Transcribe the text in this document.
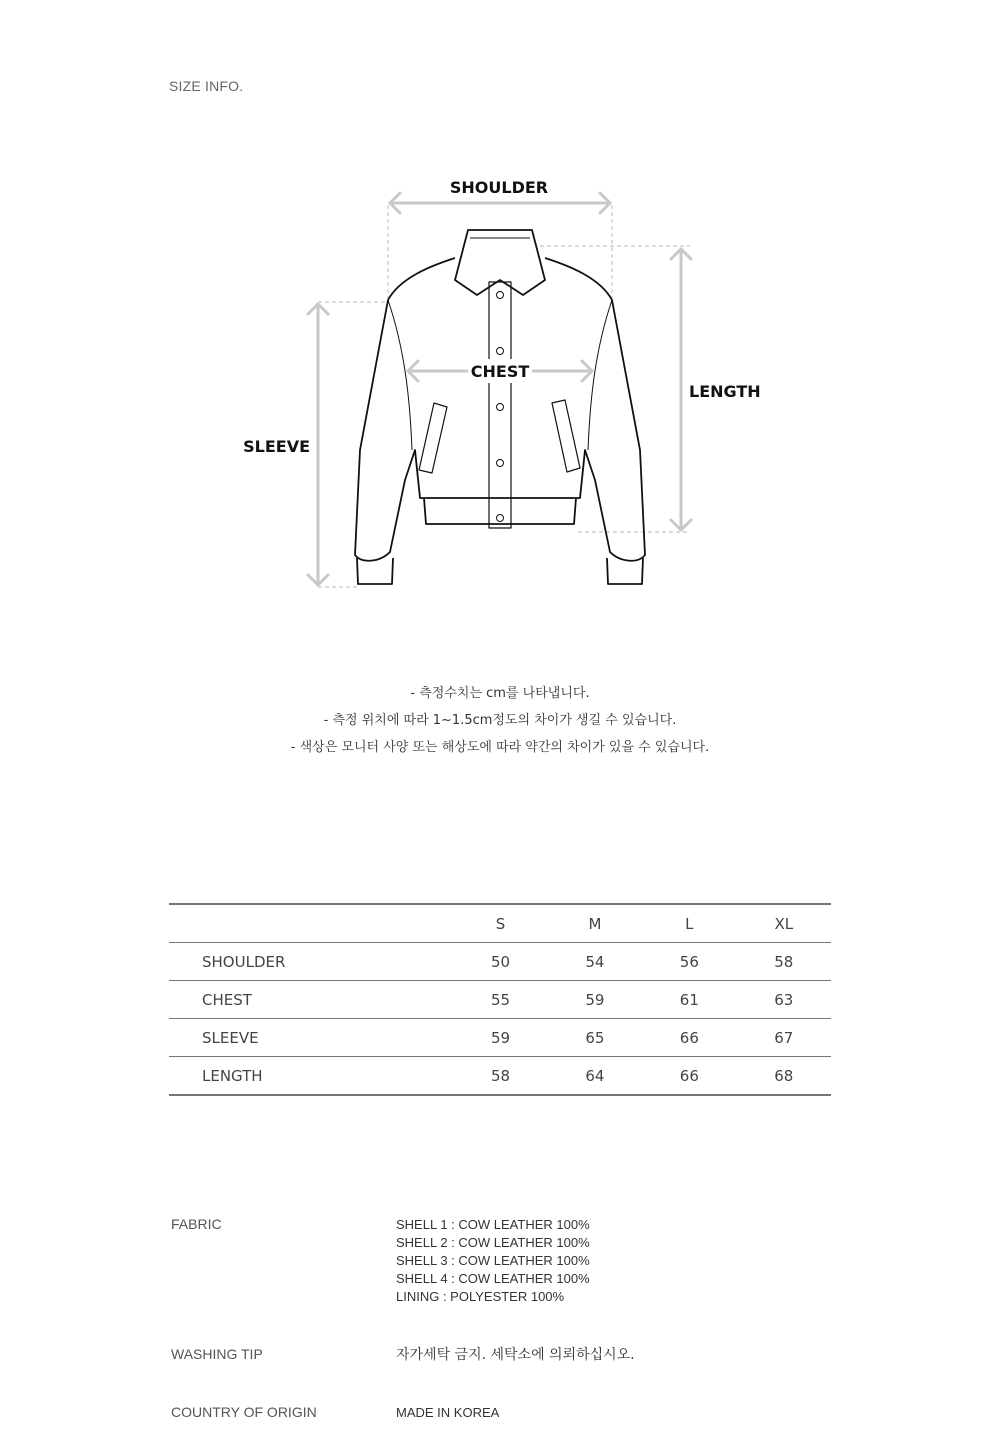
SIZE INFO.
SHOULDER
CHEST
LENGTH
SLEEVE
- 측정수치는 cm를 나타냅니다.
- 측정 위치에 따라 1~1.5cm정도의 차이가 생길 수 있습니다.
- 색상은 모니터 사양 또는 해상도에 따라 약간의 차이가 있을 수 있습니다.
	S	M	L	XL
SHOULDER	50	54	56	58
CHEST	55	59	61	63
SLEEVE	59	65	66	67
LENGTH	58	64	66	68
FABRIC	SHELL 1 : COW LEATHER 100%
SHELL 2 : COW LEATHER 100%
SHELL 3 : COW LEATHER 100%
SHELL 4 : COW LEATHER 100%
LINING : POLYESTER 100%
WASHING TIP	자가세탁 금지. 세탁소에 의뢰하십시오.
COUNTRY OF ORIGIN	MADE IN KOREA
